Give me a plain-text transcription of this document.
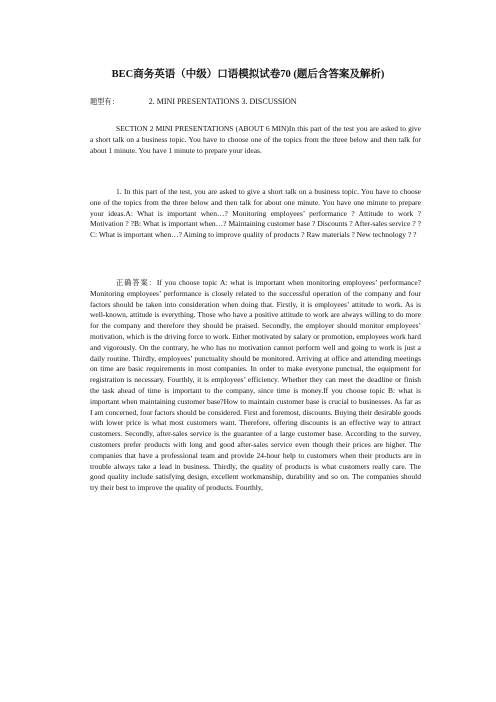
BEC商务英语（中级）口语模拟试卷70 (题后含答案及解析)

题型有：	2. MINI PRESENTATIONS 3. DISCUSSION

SECTION 2 MINI PRESENTATIONS (ABOUT 6 MIN)In this part of the test you are asked to give a short talk on a business topic. You have to choose one of the topics from the three below and then talk for about 1 minute. You have 1 minute to prepare your ideas.

1. In this part of the test, you are asked to give a short talk on a business topic. You have to choose one of the topics from the three below and then talk for about one minute. You have one minute to prepare your ideas.A: What is important when…? Monitoring employees’ performance ? Attitude to work ? Motivation ? ?B: What is important when…? Maintaining customer base ? Discounts ? After-sales service ? ?C: What is important when…? Aiming to improve quality of products ? Raw materials ? New technology ? ?

正确答案：If you choose topic A: what is important when monitoring employees’ performance?Monitoring employees’ performance is closely related to the successful operation of the company and four factors should be taken into consideration when doing that. Firstly, it is employees’ attitude to work. As is well-known, attitude is everything. Those who have a positive attitude to work are always willing to do more for the company and therefore they should be praised. Secondly, the employer should monitor employees’ motivation, which is the driving force to work. Either motivated by salary or promotion, employees work hard and vigorously. On the contrary, he who has no motivation cannot perform well and going to work is just a daily routine. Thirdly, employees’ punctuality should be monitored. Arriving at office and attending meetings on time are basic requirements in most companies. In order to make everyone punctual, the equipment for registration is necessary. Fourthly, it is employees’ efficiency. Whether they can meet the deadline or finish the task ahead of time is important to the company, since time is money.If you choose topic B: what is important when maintaining customer base?How to maintain customer base is crucial to businesses. As far as I am concerned, four factors should be considered. First and foremost, discounts. Buying their desirable goods with lower price is what most customers want. Therefore, offering discounts is an effective way to attract customers. Secondly, after-sales service is the guarantee of a large customer base. According to the survey, customers prefer products with long and good after-sales service even though their prices are higher. The companies that have a professional team and provide 24-hour help to customers when their products are in trouble always take a lead in business. Thirdly, the quality of products is what customers really care. The good quality include satisfying design, excellent workmanship, durability and so on. The companies should try their best to improve the quality of products. Fourthly,
